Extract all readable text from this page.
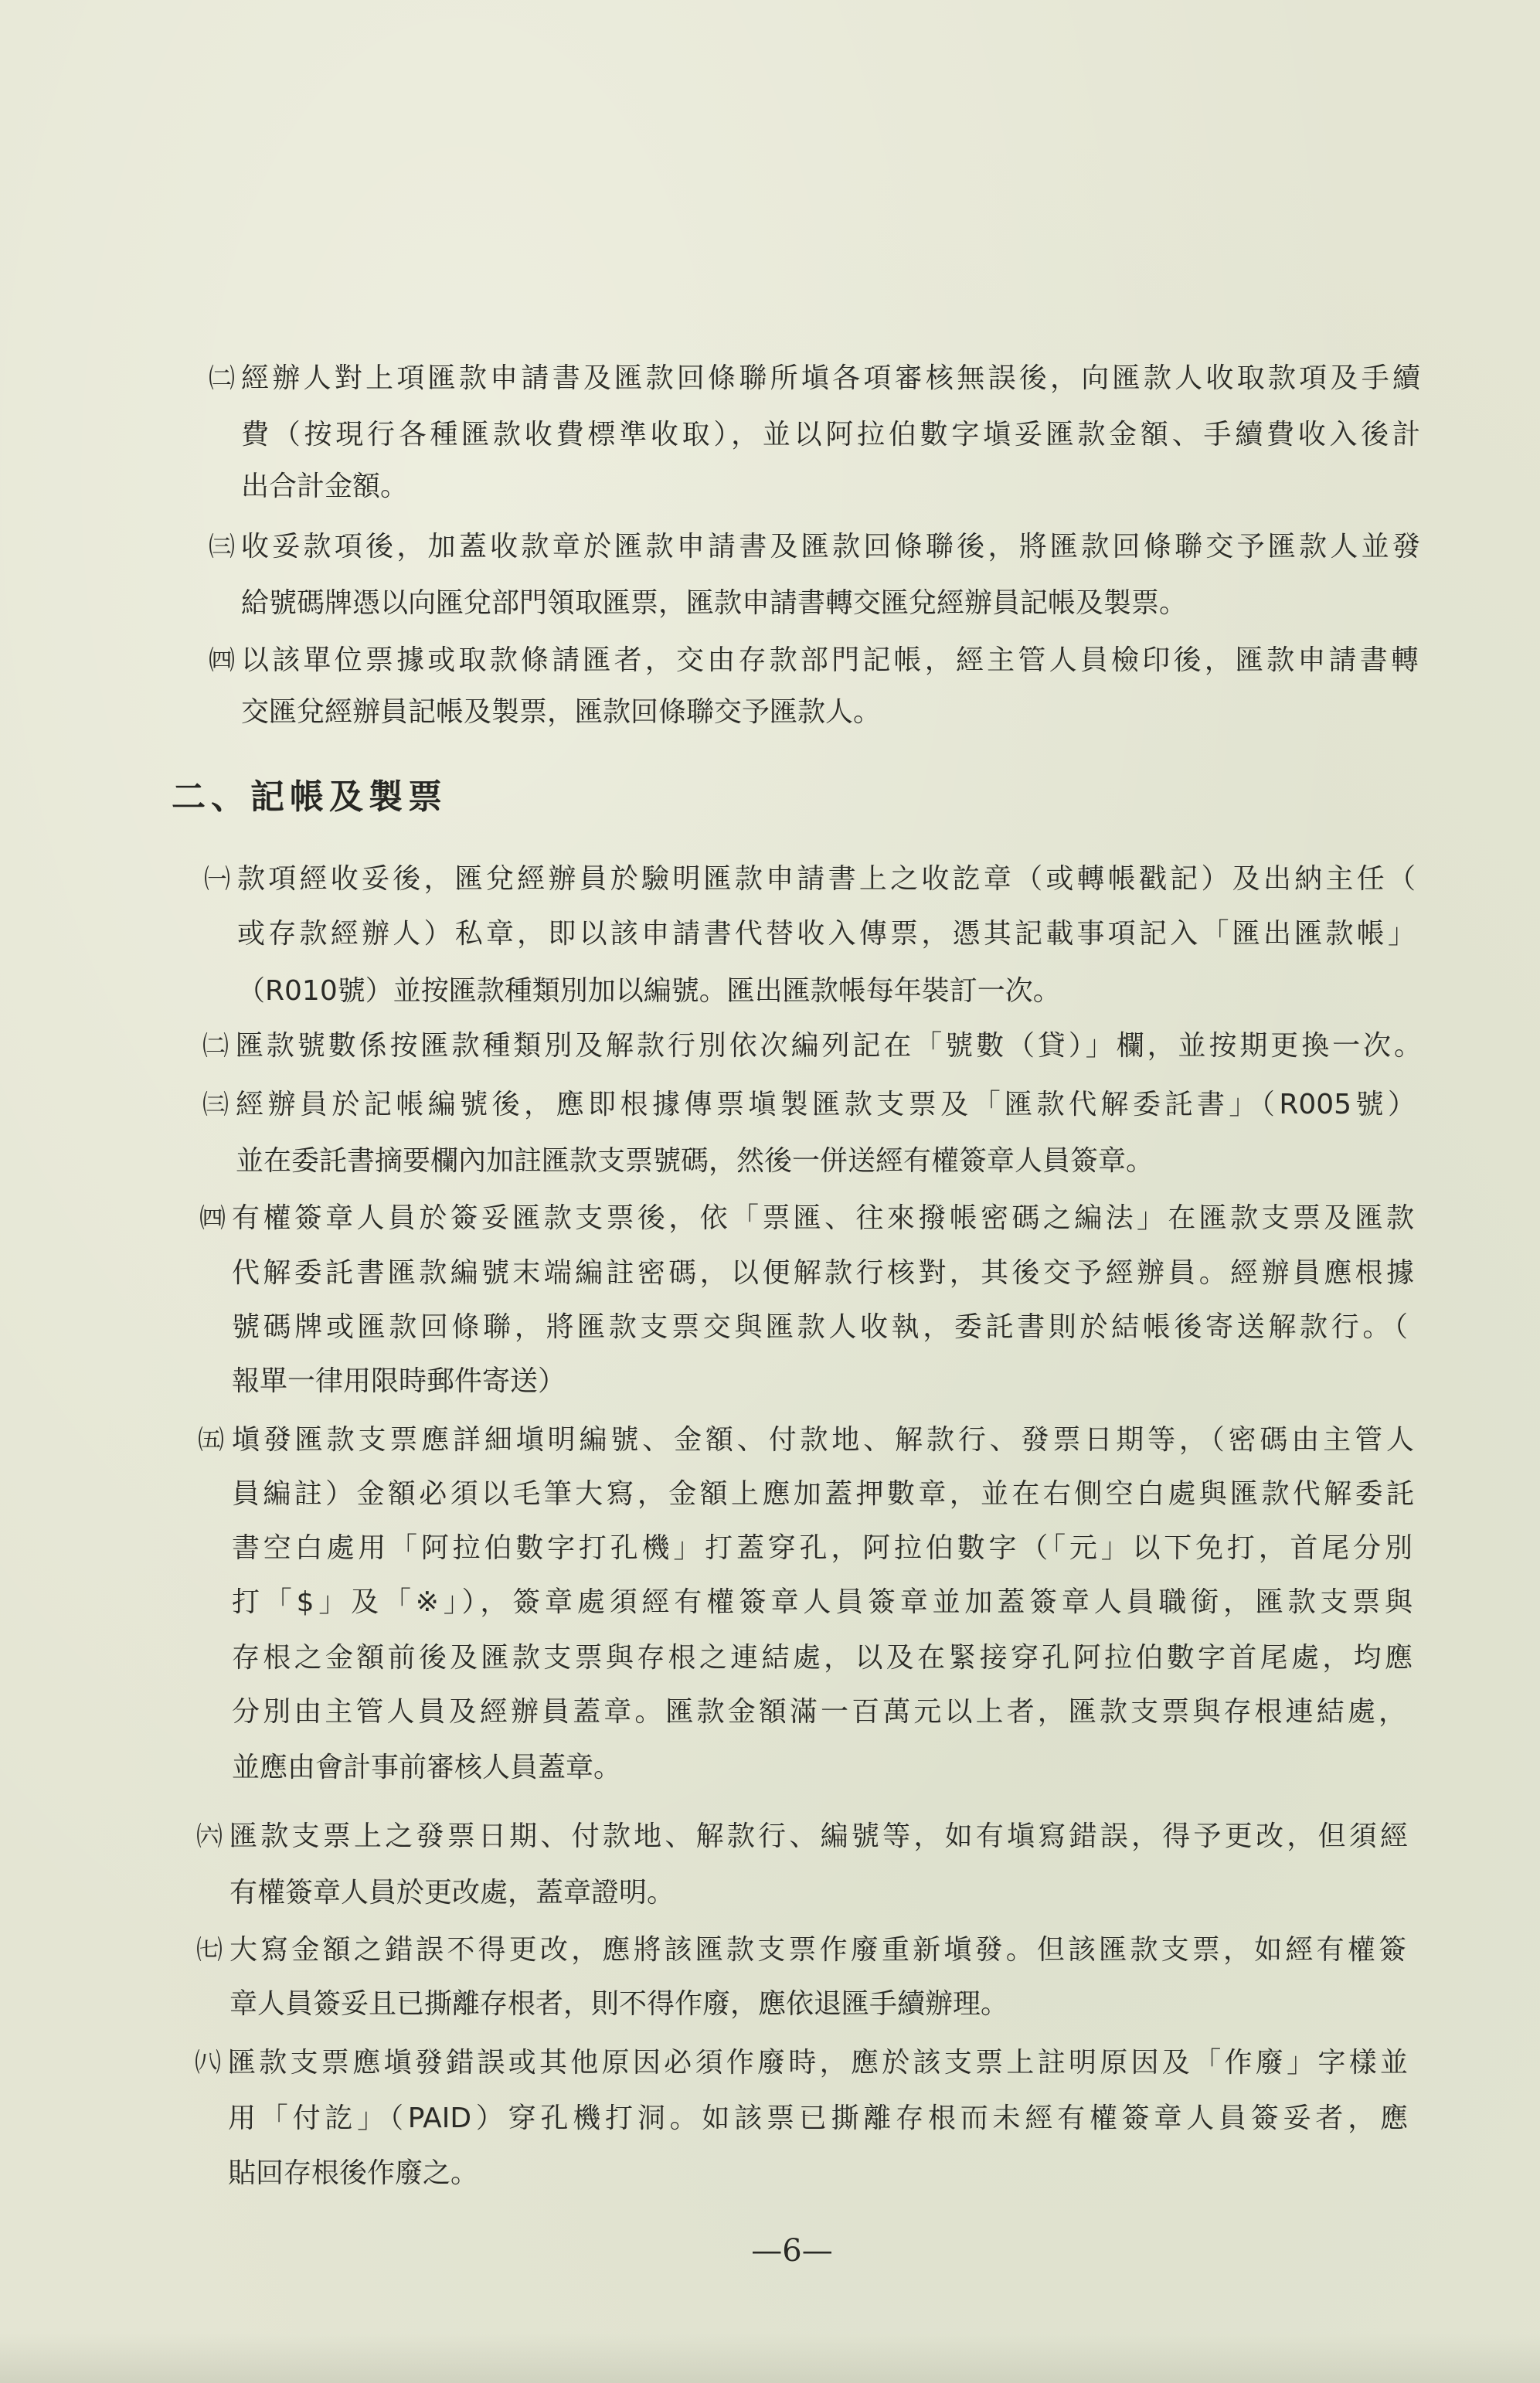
㈡ 經辦人對上項匯款申請書及匯款回條聯所塡各項審核無誤後，向匯款人收取款項及手續
費（按現行各種匯款收費標準收取），並以阿拉伯數字塡妥匯款金額、手續費收入後計
出合計金額。
㈢ 收妥款項後，加蓋收款章於匯款申請書及匯款回條聯後，將匯款回條聯交予匯款人並發
給號碼牌憑以向匯兌部門領取匯票，匯款申請書轉交匯兌經辦員記帳及製票。
㈣ 以該單位票據或取款條請匯者，交由存款部門記帳，經主管人員檢印後，匯款申請書轉
交匯兌經辦員記帳及製票，匯款回條聯交予匯款人。
二、記帳及製票
㈠ 款項經收妥後，匯兌經辦員於驗明匯款申請書上之收訖章（或轉帳戳記）及出納主任（
或存款經辦人）私章，即以該申請書代替收入傳票，憑其記載事項記入「匯出匯款帳」
（R010號）並按匯款種類別加以編號。匯出匯款帳每年裝訂一次。
㈡ 匯款號數係按匯款種類別及解款行別依次編列記在「號數（貸）」欄，並按期更換一次。
㈢ 經辦員於記帳編號後，應即根據傳票塡製匯款支票及「匯款代解委託書」（R005號）
並在委託書摘要欄內加註匯款支票號碼，然後一併送經有權簽章人員簽章。
㈣ 有權簽章人員於簽妥匯款支票後，依「票匯、往來撥帳密碼之編法」在匯款支票及匯款
代解委託書匯款編號末端編註密碼，以便解款行核對，其後交予經辦員。經辦員應根據
號碼牌或匯款回條聯，將匯款支票交與匯款人收執，委託書則於結帳後寄送解款行。（
報單一律用限時郵件寄送）
㈤ 塡發匯款支票應詳細塡明編號、金額、付款地、解款行、發票日期等，（密碼由主管人
員編註）金額必須以毛筆大寫，金額上應加蓋押數章，並在右側空白處與匯款代解委託
書空白處用「阿拉伯數字打孔機」打蓋穿孔，阿拉伯數字（「元」以下免打，首尾分別
打「$」及「※」），簽章處須經有權簽章人員簽章並加蓋簽章人員職銜，匯款支票與
存根之金額前後及匯款支票與存根之連結處，以及在緊接穿孔阿拉伯數字首尾處，均應
分別由主管人員及經辦員蓋章。匯款金額滿一百萬元以上者，匯款支票與存根連結處，
並應由會計事前審核人員蓋章。
㈥ 匯款支票上之發票日期、付款地、解款行、編號等，如有塡寫錯誤，得予更改，但須經
有權簽章人員於更改處，蓋章證明。
㈦ 大寫金額之錯誤不得更改，應將該匯款支票作廢重新塡發。但該匯款支票，如經有權簽
章人員簽妥且已撕離存根者，則不得作廢，應依退匯手續辦理。
㈧ 匯款支票應塡發錯誤或其他原因必須作廢時，應於該支票上註明原因及「作廢」字樣並
用「付訖」（PAID）穿孔機打洞。如該票已撕離存根而未經有權簽章人員簽妥者，應
貼回存根後作廢之。
—6—
